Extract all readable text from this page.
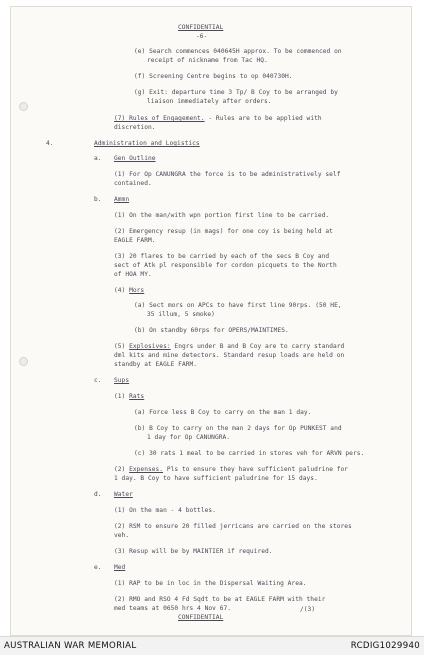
CONFIDENTIAL
-6-
(e) Search commences 040645H approx. To be commenced on
receipt of nickname from Tac HQ.
(f) Screening Centre begins to op 040730H.
(g) Exit: departure time 3 Tp/ B Coy to be arranged by
liaison immediately after orders.
(7) Rules of Engagement. - Rules are to be applied with
discretion.
4.	Administration and Logistics
a. Gen Outline
(1) For Op CANUNGRA the force is to be administratively self
contained.
b. Ammn
(1) On the man/with wpn portion first line to be carried.
(2) Emergency resup (in mags) for one coy is being held at
EAGLE FARM.
(3) 20 flares to be carried by each of the secs B Coy and
sect of Atk pl responsible for cordon picquets to the North
of HOA MY.
(4) Mors
(a) Sect mors on APCs to have first line 90rps. (50 HE,
35 illum, 5 smoke)
(b) On standby 60rps for OPERS/MAINTIMES.
(5) Explosives: Engrs under B and B Coy are to carry standard
dml kits and mine detectors. Standard resup loads are held on
standby at EAGLE FARM.
c. Sups
(1) Rats
(a) Force less B Coy to carry on the man 1 day.
(b) B Coy to carry on the man 2 days for Op PUNKEST and
1 day for Op CANUNGRA.
(c) 30 rats 1 meal to be carried in stores veh for ARVN pers.
(2) Expenses. Pls to ensure they have sufficient paludrine for
1 day. B Coy to have sufficient paludrine for 15 days.
d. Water
(1) On the man - 4 bottles.
(2) RSM to ensure 20 filled jerricans are carried on the stores
veh.
(3) Resup will be by MAINTIER if required.
e. Med
(1) RAP to be in loc in the Dispersal Waiting Area.
(2) RMO and RSO 4 Fd Sqdt to be at EAGLE FARM with their
med teams at 0650 hrs 4 Nov 67.
CONFIDENTIAL
/(3)
AUSTRALIAN WAR MEMORIAL	RCDIG1029940
